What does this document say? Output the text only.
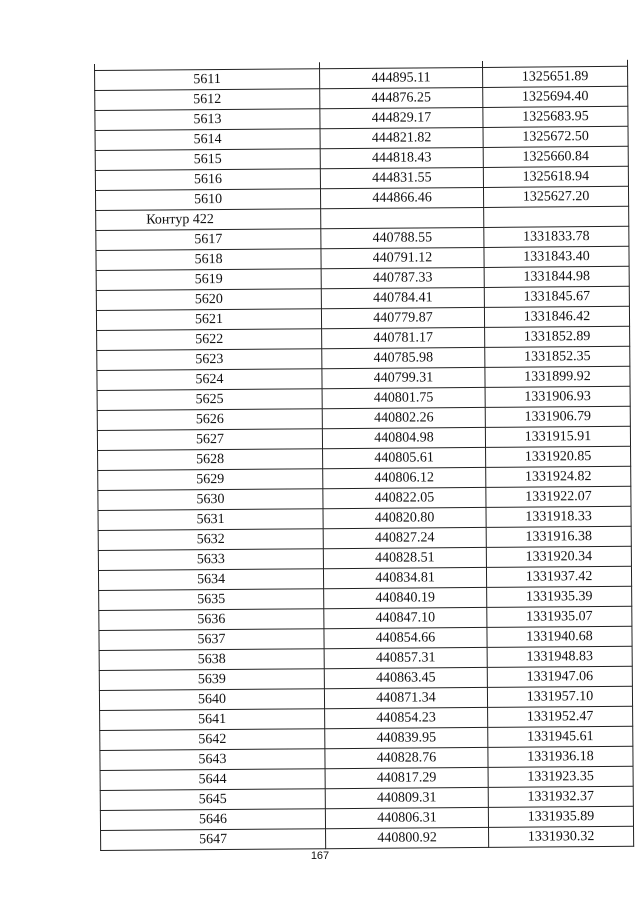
5611	444895.11	1325651.89
5612	444876.25	1325694.40
5613	444829.17	1325683.95
5614	444821.82	1325672.50
5615	444818.43	1325660.84
5616	444831.55	1325618.94
5610	444866.46	1325627.20
Контур 422		
5617	440788.55	1331833.78
5618	440791.12	1331843.40
5619	440787.33	1331844.98
5620	440784.41	1331845.67
5621	440779.87	1331846.42
5622	440781.17	1331852.89
5623	440785.98	1331852.35
5624	440799.31	1331899.92
5625	440801.75	1331906.93
5626	440802.26	1331906.79
5627	440804.98	1331915.91
5628	440805.61	1331920.85
5629	440806.12	1331924.82
5630	440822.05	1331922.07
5631	440820.80	1331918.33
5632	440827.24	1331916.38
5633	440828.51	1331920.34
5634	440834.81	1331937.42
5635	440840.19	1331935.39
5636	440847.10	1331935.07
5637	440854.66	1331940.68
5638	440857.31	1331948.83
5639	440863.45	1331947.06
5640	440871.34	1331957.10
5641	440854.23	1331952.47
5642	440839.95	1331945.61
5643	440828.76	1331936.18
5644	440817.29	1331923.35
5645	440809.31	1331932.37
5646	440806.31	1331935.89
5647	440800.92	1331930.32
167
